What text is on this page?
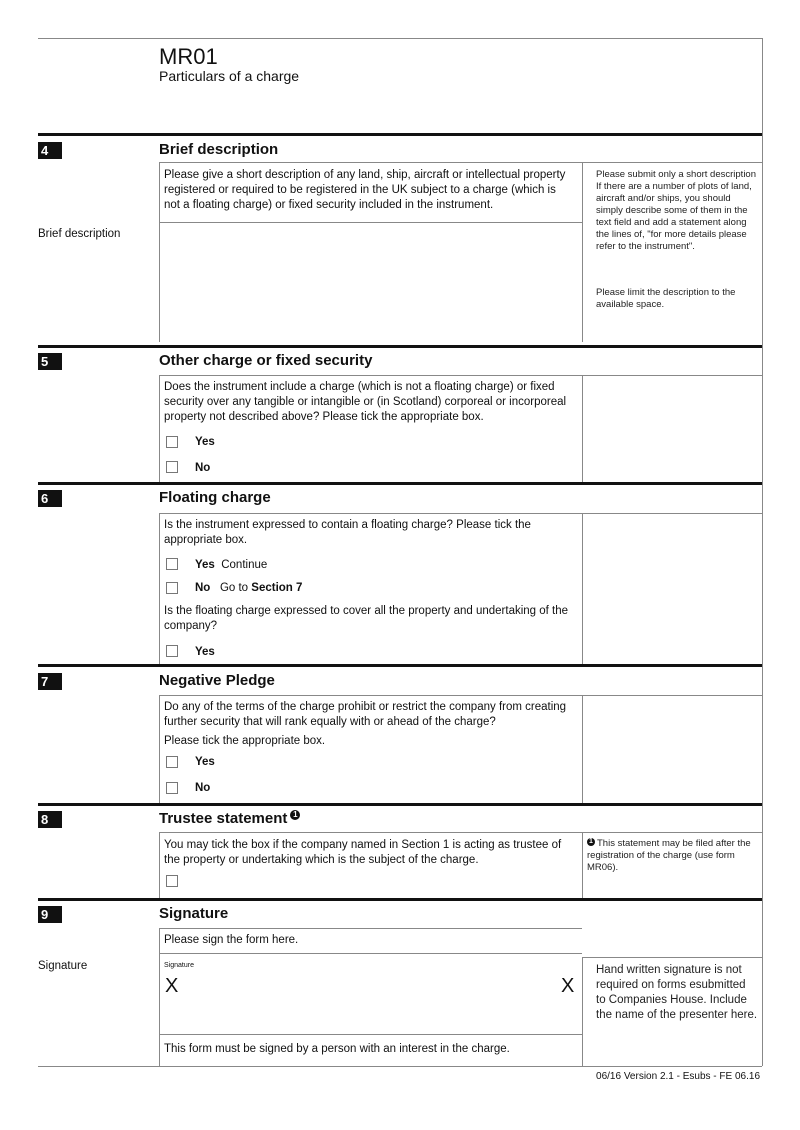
MR01
Particulars of a charge
4	Brief description
Please give a short description of any land, ship, aircraft or intellectual property registered or required to be registered in the UK subject to a charge (which is not a floating charge) or fixed security included in the instrument.
Brief description
Please submit only a short description If there are a number of plots of land, aircraft and/or ships, you should simply describe some of them in the text field and add a statement along the lines of, "for more details please refer to the instrument".
Please limit the description to the available space.
5	Other charge or fixed security
Does the instrument include a charge (which is not a floating charge) or fixed security over any tangible or intangible or (in Scotland) corporeal or incorporeal property not described above? Please tick the appropriate box.
Yes
No
6	Floating charge
Is the instrument expressed to contain a floating charge? Please tick the appropriate box.
Yes Continue
No Go to Section 7
Is the floating charge expressed to cover all the property and undertaking of the company?
Yes
7	Negative Pledge
Do any of the terms of the charge prohibit or restrict the company from creating further security that will rank equally with or ahead of the charge?
Please tick the appropriate box.
Yes
No
8	Trustee statement 1
You may tick the box if the company named in Section 1 is acting as trustee of the property or undertaking which is the subject of the charge.
1 This statement may be filed after the registration of the charge (use form MR06).
9	Signature
Please sign the form here.
Signature	Signature
X	X
This form must be signed by a person with an interest in the charge.
Hand written signature is not required on forms esubmitted to Companies House. Include the name of the presenter here.
06/16 Version 2.1 - Esubs - FE 06.16
